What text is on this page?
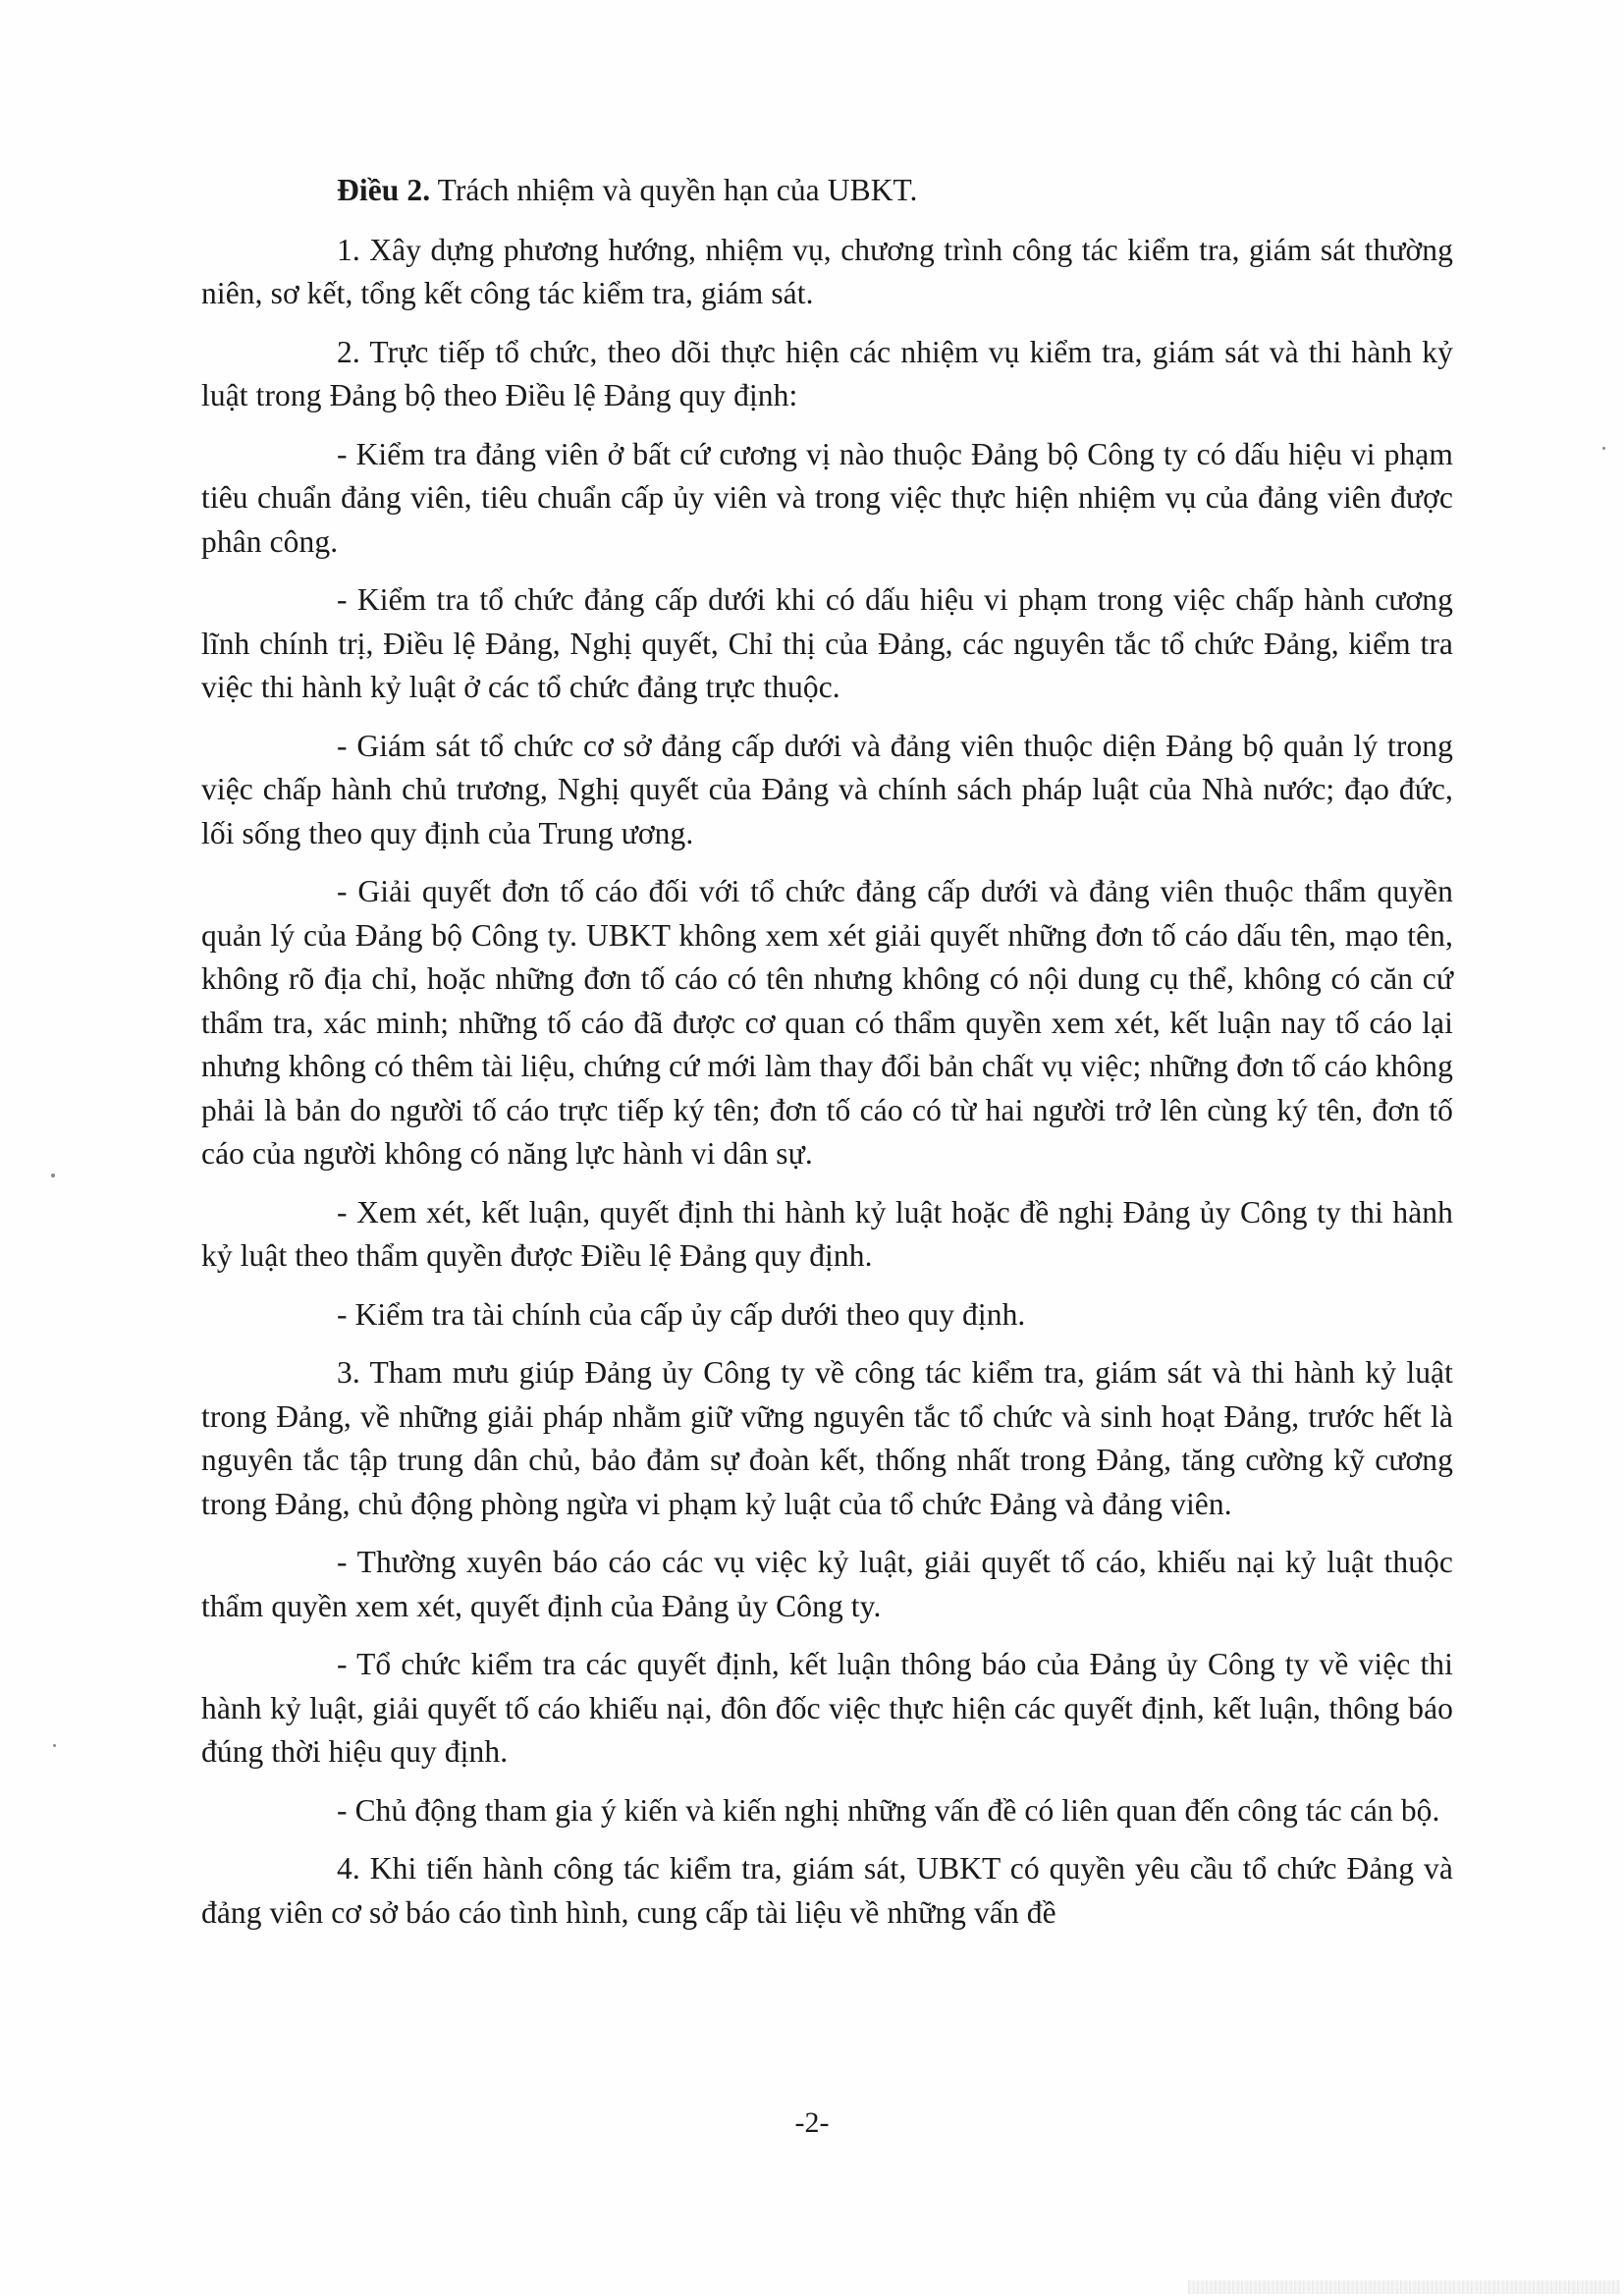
Điều 2. Trách nhiệm và quyền hạn của UBKT.

1. Xây dựng phương hướng, nhiệm vụ, chương trình công tác kiểm tra, giám sát thường niên, sơ kết, tổng kết công tác kiểm tra, giám sát.

2. Trực tiếp tổ chức, theo dõi thực hiện các nhiệm vụ kiểm tra, giám sát và thi hành kỷ luật trong Đảng bộ theo Điều lệ Đảng quy định:

- Kiểm tra đảng viên ở bất cứ cương vị nào thuộc Đảng bộ Công ty có dấu hiệu vi phạm tiêu chuẩn đảng viên, tiêu chuẩn cấp ủy viên và trong việc thực hiện nhiệm vụ của đảng viên được phân công.

- Kiểm tra tổ chức đảng cấp dưới khi có dấu hiệu vi phạm trong việc chấp hành cương lĩnh chính trị, Điều lệ Đảng, Nghị quyết, Chỉ thị của Đảng, các nguyên tắc tổ chức Đảng, kiểm tra việc thi hành kỷ luật ở các tổ chức đảng trực thuộc.

- Giám sát tổ chức cơ sở đảng cấp dưới và đảng viên thuộc diện Đảng bộ quản lý trong việc chấp hành chủ trương, Nghị quyết của Đảng và chính sách pháp luật của Nhà nước; đạo đức, lối sống theo quy định của Trung ương.

- Giải quyết đơn tố cáo đối với tổ chức đảng cấp dưới và đảng viên thuộc thẩm quyền quản lý của Đảng bộ Công ty. UBKT không xem xét giải quyết những đơn tố cáo dấu tên, mạo tên, không rõ địa chỉ, hoặc những đơn tố cáo có tên nhưng không có nội dung cụ thể, không có căn cứ thẩm tra, xác minh; những tố cáo đã được cơ quan có thẩm quyền xem xét, kết luận nay tố cáo lại nhưng không có thêm tài liệu, chứng cứ mới làm thay đổi bản chất vụ việc; những đơn tố cáo không phải là bản do người tố cáo trực tiếp ký tên; đơn tố cáo có từ hai người trở lên cùng ký tên, đơn tố cáo của người không có năng lực hành vi dân sự.

- Xem xét, kết luận, quyết định thi hành kỷ luật hoặc đề nghị Đảng ủy Công ty thi hành kỷ luật theo thẩm quyền được Điều lệ Đảng quy định.

- Kiểm tra tài chính của cấp ủy cấp dưới theo quy định.

3. Tham mưu giúp Đảng ủy Công ty về công tác kiểm tra, giám sát và thi hành kỷ luật trong Đảng, về những giải pháp nhằm giữ vững nguyên tắc tổ chức và sinh hoạt Đảng, trước hết là nguyên tắc tập trung dân chủ, bảo đảm sự đoàn kết, thống nhất trong Đảng, tăng cường kỹ cương trong Đảng, chủ động phòng ngừa vi phạm kỷ luật của tổ chức Đảng và đảng viên.

- Thường xuyên báo cáo các vụ việc kỷ luật, giải quyết tố cáo, khiếu nại kỷ luật thuộc thẩm quyền xem xét, quyết định của Đảng ủy Công ty.

- Tổ chức kiểm tra các quyết định, kết luận thông báo của Đảng ủy Công ty về việc thi hành kỷ luật, giải quyết tố cáo khiếu nại, đôn đốc việc thực hiện các quyết định, kết luận, thông báo đúng thời hiệu quy định.

- Chủ động tham gia ý kiến và kiến nghị những vấn đề có liên quan đến công tác cán bộ.

4. Khi tiến hành công tác kiểm tra, giám sát, UBKT có quyền yêu cầu tổ chức Đảng và đảng viên cơ sở báo cáo tình hình, cung cấp tài liệu về những vấn đề

-2-
